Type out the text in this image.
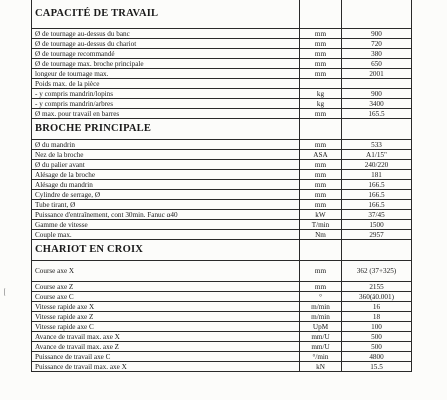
CAPACITÉ DE TRAVAIL		
Ø de tournage au-dessus du banc	mm	900
Ø de tournage au-dessus du chariot	mm	720
Ø de tournage recommandé	mm	380
Ø de tournage max. broche principale	mm	650
longeur de tournage max.	mm	2001
Poids max. de la pièce		
- y compris mandrin/lopins	kg	900
- y compris mandrin/arbres	kg	3400
Ø max. pour travail en barres	mm	165.5
BROCHE PRINCIPALE		
Ø du mandrin	mm	533
Nez de la broche	ASA	A1/15"
Ø du palier avant	mm	240/220
Alésage de la broche	mm	181
Alésage du mandrin	mm	166.5
Cylindre de serrage, Ø	mm	166.5
Tube tirant, Ø	mm	166.5
Puissance d'entraînement, cont 30min. Fanuc α40	kW	37/45
Gamme de vitesse	T/min	1500
Couple max.	Nm	2957
CHARIOT EN CROIX		
Course axe X	mm	362 (37+325)
Course axe Z	mm	2155
Course axe C	°	360(ä0.001)
Vitesse rapide axe X	m/min	16
Vitesse rapide axe Z	m/min	18
Vitesse rapide axe C	UpM	100
Avance de travail max. axe X	mm/U	500
Avance de travail max. axe Z	mm/U	500
Puissance de travail axe C	°/min	4800
Puissance de travail max. axe X	kN	15.5
